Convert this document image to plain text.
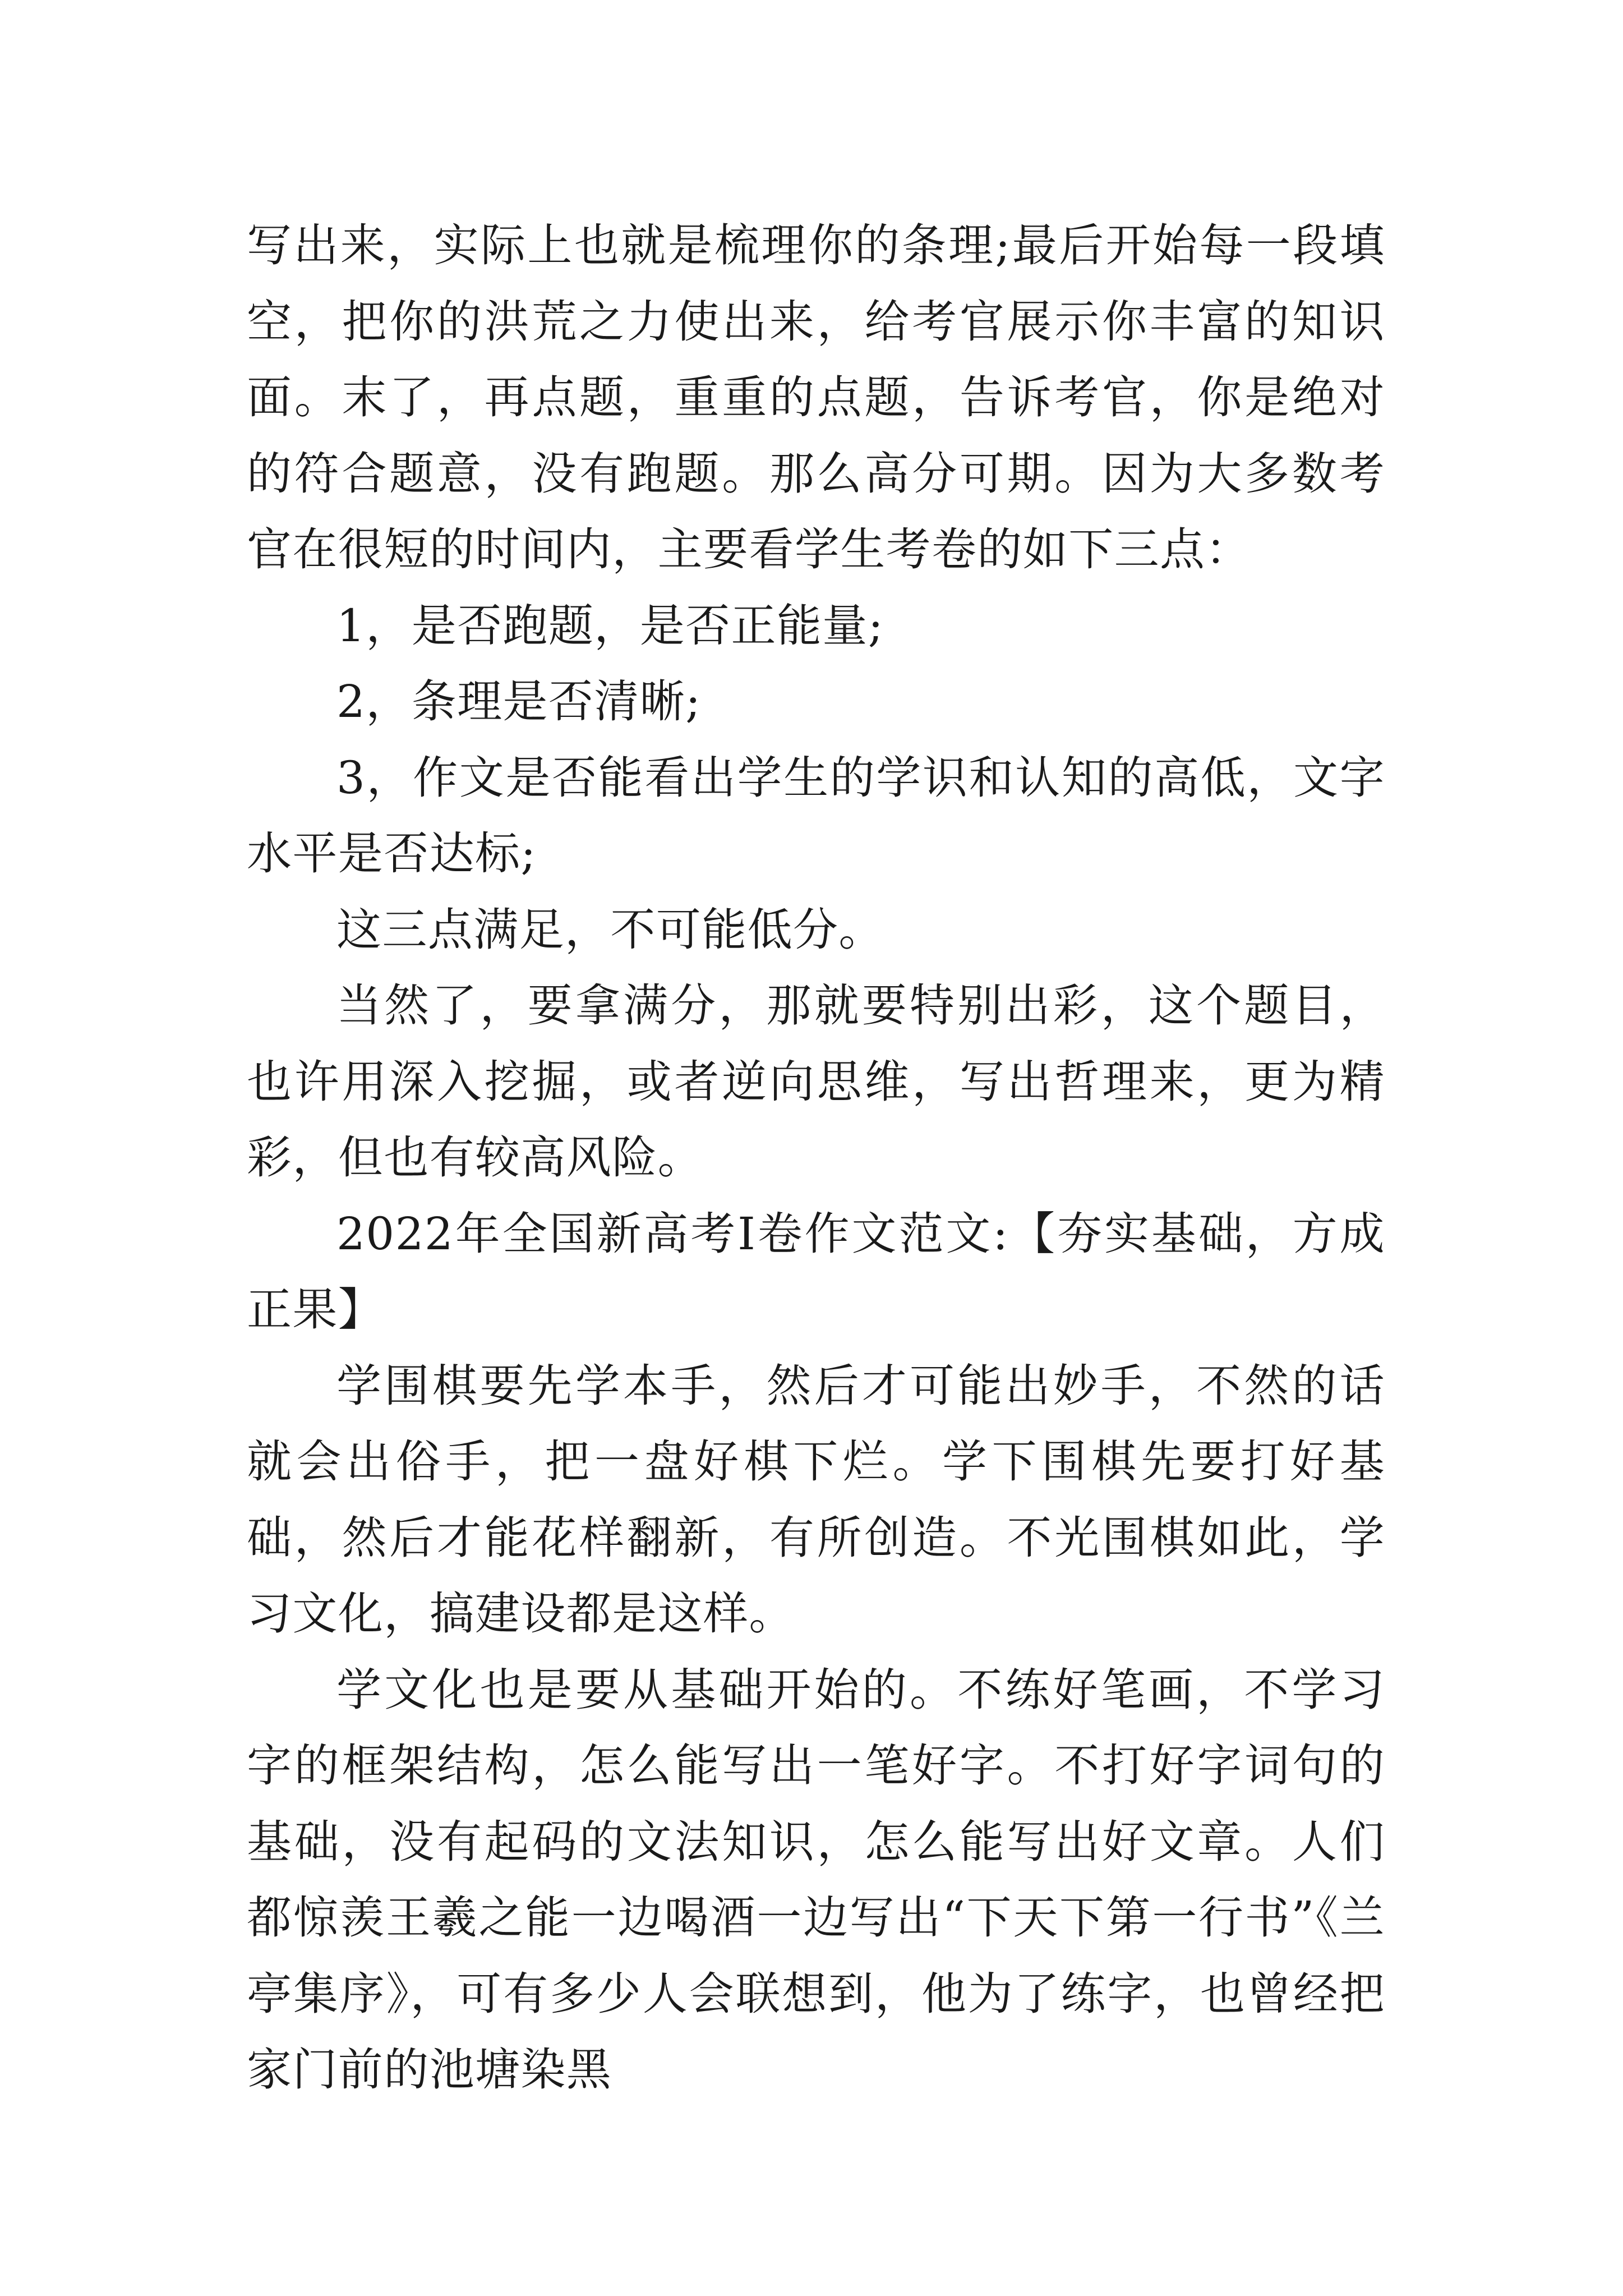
写出来，实际上也就是梳理你的条理;最后开始每一段填空，把你的洪荒之力使出来，给考官展示你丰富的知识面。末了，再点题，重重的点题，告诉考官，你是绝对的符合题意，没有跑题。那么高分可期。因为大多数考官在很短的时间内，主要看学生考卷的如下三点：

1，是否跑题，是否正能量;

2，条理是否清晰;

3，作文是否能看出学生的学识和认知的高低，文字水平是否达标;

这三点满足，不可能低分。

当然了，要拿满分，那就要特别出彩，这个题目，也许用深入挖掘，或者逆向思维，写出哲理来，更为精彩，但也有较高风险。

2022年全国新高考Ⅰ卷作文范文:【夯实基础，方成正果】

学围棋要先学本手，然后才可能出妙手，不然的话就会出俗手，把一盘好棋下烂。学下围棋先要打好基础，然后才能花样翻新，有所创造。不光围棋如此，学习文化，搞建设都是这样。

学文化也是要从基础开始的。不练好笔画，不学习字的框架结构，怎么能写出一笔好字。不打好字词句的基础，没有起码的文法知识，怎么能写出好文章。人们都惊羡王羲之能一边喝酒一边写出“下天下第一行书”《兰亭集序》，可有多少人会联想到，他为了练字，也曾经把家门前的池塘染黑
